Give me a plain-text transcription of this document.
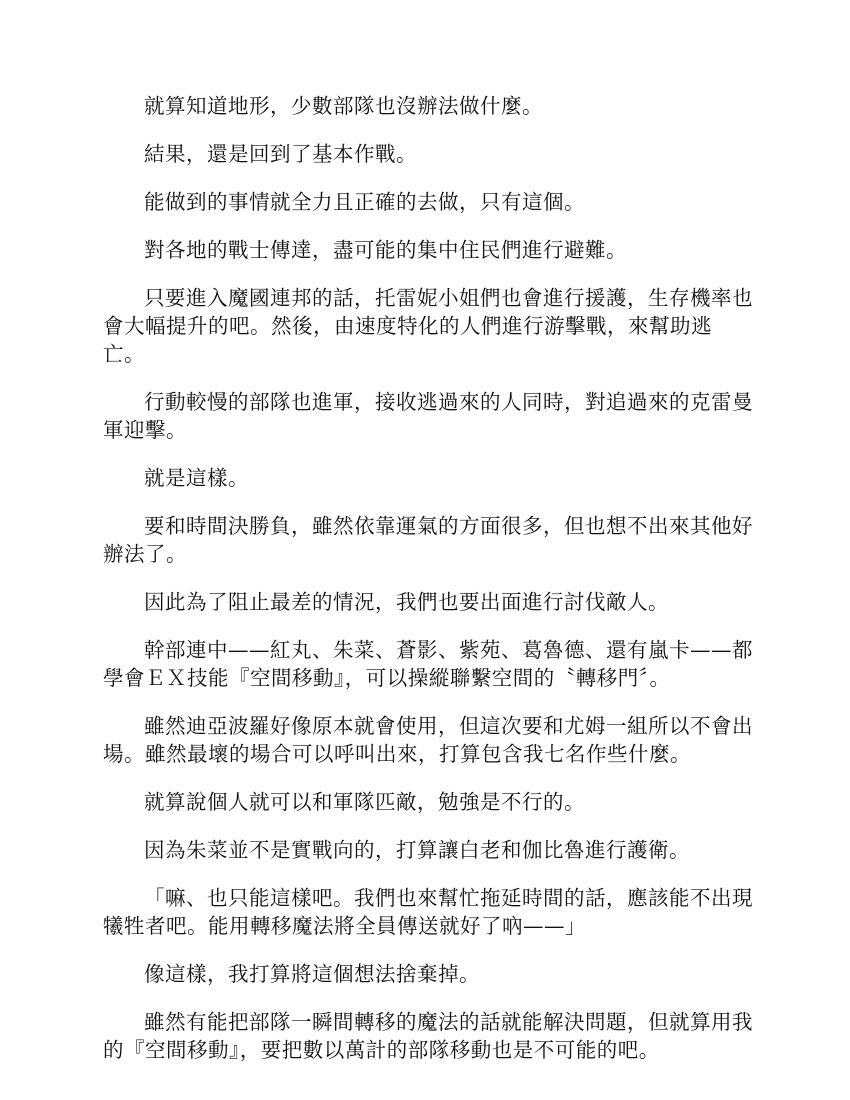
就算知道地形，少數部隊也沒辦法做什麼。

結果，還是回到了基本作戰。

能做到的事情就全力且正確的去做，只有這個。

對各地的戰士傳達，盡可能的集中住民們進行避難。

只要進入魔國連邦的話，托雷妮小姐們也會進行援護，生存機率也會大幅提升的吧。然後，由速度特化的人們進行游擊戰，來幫助逃亡。

行動較慢的部隊也進軍，接收逃過來的人同時，對追過來的克雷曼軍迎擊。

就是這樣。

要和時間決勝負，雖然依靠運氣的方面很多，但也想不出來其他好辦法了。

因此為了阻止最差的情況，我們也要出面進行討伐敵人。

幹部連中——紅丸、朱菜、蒼影、紫苑、葛魯德、還有嵐卡——都學會ＥＸ技能『空間移動』，可以操縱聯繫空間的〝轉移門〞。

雖然迪亞波羅好像原本就會使用，但這次要和尤姆一組所以不會出場。雖然最壞的場合可以呼叫出來，打算包含我七名作些什麼。

就算說個人就可以和軍隊匹敵，勉強是不行的。

因為朱菜並不是實戰向的，打算讓白老和伽比魯進行護衛。

「嘛、也只能這樣吧。我們也來幫忙拖延時間的話，應該能不出現犧牲者吧。能用轉移魔法將全員傳送就好了吶——」

像這樣，我打算將這個想法捨棄掉。

雖然有能把部隊一瞬間轉移的魔法的話就能解決問題，但就算用我的『空間移動』，要把數以萬計的部隊移動也是不可能的吧。
